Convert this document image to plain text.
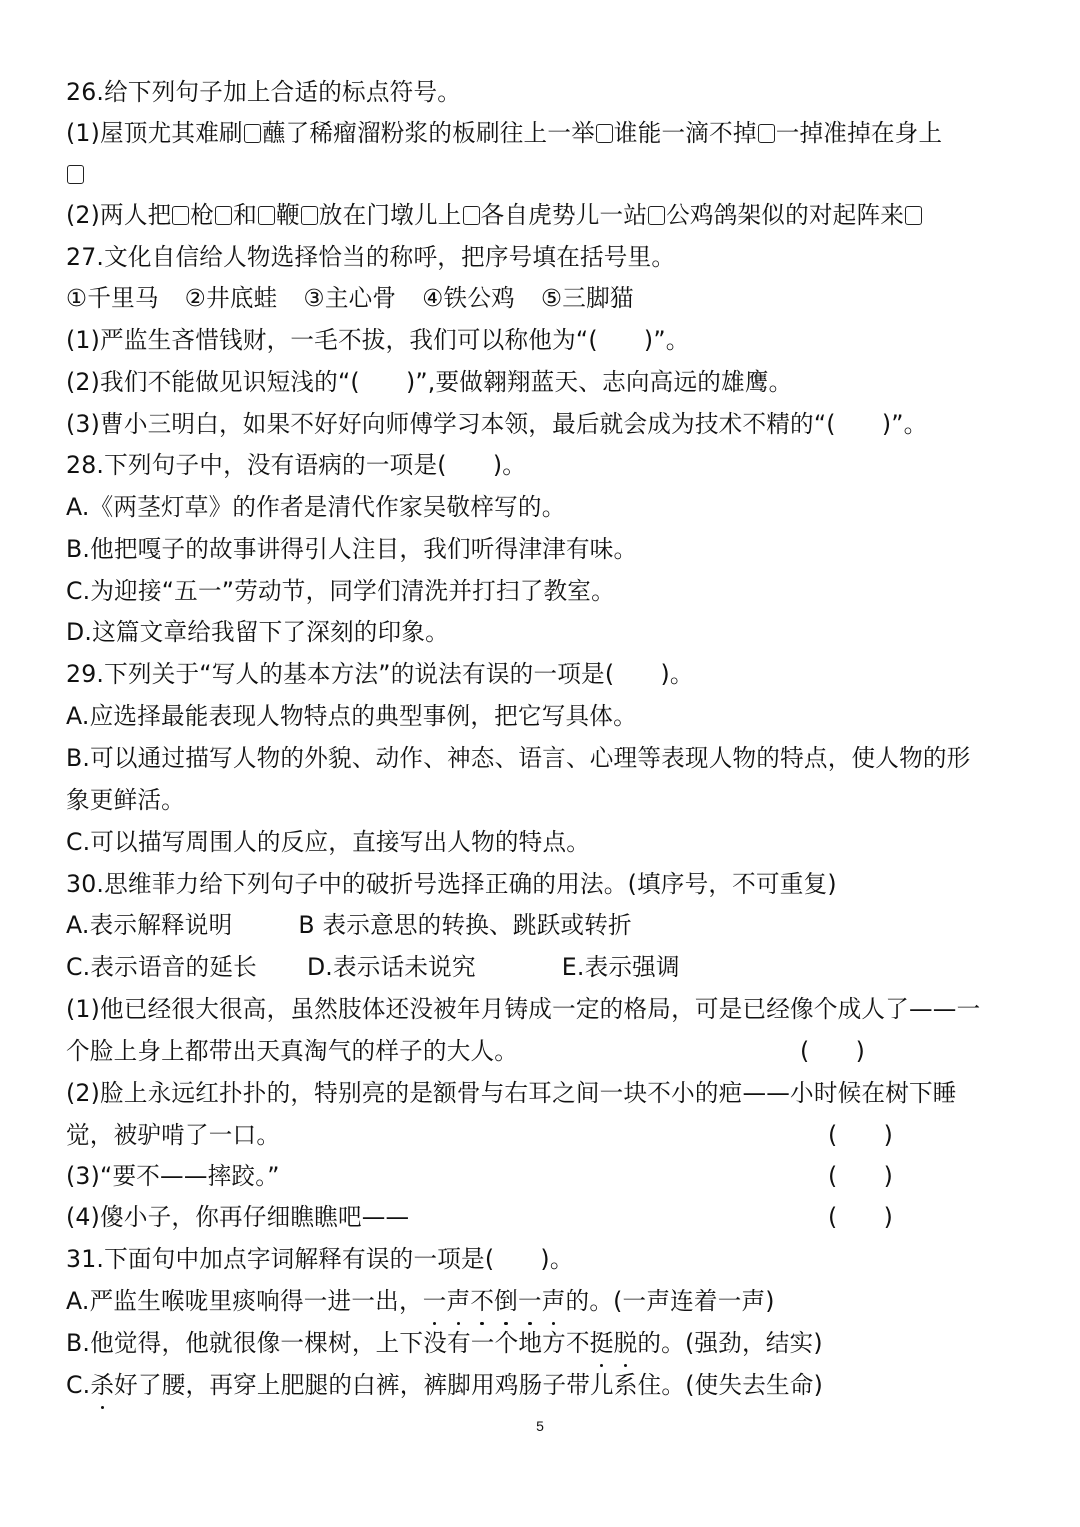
26.给下列句子加上合适的标点符号。
(1)屋顶尤其难刷 蘸了稀瘤溜粉浆的板刷往上一举 谁能一滴不掉 一掉准掉在身上
(2)两人把 枪 和 鞭 放在门墩儿上 各自虎势儿一站 公鸡鸽架似的对起阵来
27.文化自信给人物选择恰当的称呼，把序号填在括号里。
①千里马 ②井底蛙 ③主心骨 ④铁公鸡 ⑤三脚猫
(1)严监生吝惜钱财，一毛不拔，我们可以称他为“(      )”。
(2)我们不能做见识短浅的“(      )”,要做翱翔蓝天、志向高远的雄鹰。
(3)曹小三明白，如果不好好向师傅学习本领，最后就会成为技术不精的“(      )”。
28.下列句子中，没有语病的一项是(      )。
A.《两茎灯草》的作者是清代作家吴敬梓写的。
B.他把嘎子的故事讲得引人注目，我们听得津津有味。
C.为迎接“五一”劳动节，同学们清洗并打扫了教室。
D.这篇文章给我留下了深刻的印象。
29.下列关于“写人的基本方法”的说法有误的一项是(      )。
A.应选择最能表现人物特点的典型事例，把它写具体。
B.可以通过描写人物的外貌、动作、神态、语言、心理等表现人物的特点，使人物的形
象更鲜活。
C.可以描写周围人的反应，直接写出人物的特点。
30.思维菲力给下列句子中的破折号选择正确的用法。(填序号，不可重复)
A.表示解释说明	B 表示意思的转换、跳跃或转折
C.表示语音的延长 D.表示话未说究	E.表示强调
(1)他已经很大很高，虽然肢体还没被年月铸成一定的格局，可是已经像个成人了——一
个脸上身上都带出天真淘气的样子的大人。	(      )
(2)脸上永远红扑扑的，特别亮的是额骨与右耳之间一块不小的疤——小时候在树下睡
觉，被驴啃了一口。	(      )
(3)“要不——摔跤。”	(      )
(4)傻小子，你再仔细瞧瞧吧——	(      )
31.下面句中加点字词解释有误的一项是(      )。
A.严监生喉咙里痰响得一进一出，一声不倒一声的。(一声连着一声)
B.他觉得，他就很像一棵树，上下没有一个地方不挺脱的。(强劲，结实)
C.杀好了腰，再穿上肥腿的白裤，裤脚用鸡肠子带儿系住。(使失去生命)
5
